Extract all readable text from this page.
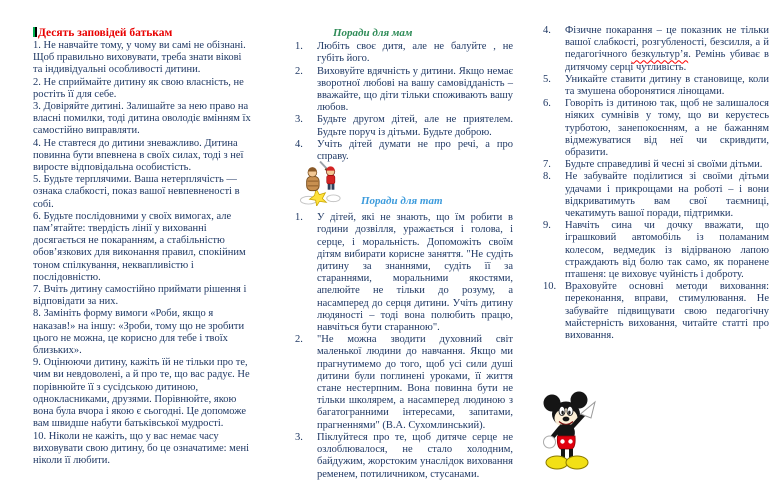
Десять заповідей батькам

1. Не навчайте тому, у чому ви самі не обізнані. Щоб правильно виховувати, треба знати вікові та індивідуальні особливості дитини.

2. Не сприймайте дитину як свою власність, не ростіть її для себе.

3. Довіряйте дитині. Залишайте за нею право на власні помилки, тоді дитина оволодіє вмінням їх самостійно виправляти.

4. Не ставтеся до дитини зневажливо. Дитина повинна бути впевнена в своїх силах, тоді з неї виросте відповідальна особистість.

5. Будьте терплячими. Ваша нетерплячість — ознака слабкості, показ вашої невпевненості в собі.

6. Будьте послідовними у своїх вимогах, але пам’ятайте: твердість лінії у вихованні досягається не покаранням, а стабільністю обов’язкових для виконання правил, спокійним тоном спілкування, неквапливістю і послідовністю.

7. Вчіть дитину самостійно приймати рішення і відповідати за них.

8. Замініть форму вимоги «Роби, якщо я наказав!» на іншу: «Зроби, тому що не зробити цього не можна, це корисно для тебе і твоїх близьких».

9. Оцінюючи дитину, кажіть їй не тільки про те, чим ви невдоволені, а й про те, що вас радує. Не порівнюйте її з сусідською дитиною, однокласниками, друзями. Порівнюйте, якою вона була вчора і якою є сьогодні. Це допоможе вам швидше набути батьківської мудрості.

10. Ніколи не кажіть, що у вас немає часу виховувати свою дитину, бо це означатиме: мені ніколи її любити.

Поради для мам
1.	Любіть своє дитя, але не балуйте , не губіть його.
2.	Виховуйте вдячність у дитини. Якщо немає зворотної любові на вашу самовідданість – вважайте, що діти тільки споживають вашу любов.
3.	Будьте другом дітей, але не приятелем. Будьте поруч із дітьми. Будьте доброю.
4.	Учіть дітей думати не про речі, а про справу.
Поради для тат
1.	У дітей, які не знають, що їм робити в години дозвілля, уражається і голова, і серце, і моральність. Допоможіть своїм дітям вибирати корисне заняття. "Не судіть дитину за знаннями, судіть її за стараннями, моральними якостями, апелюйте не тільки до розуму, а насамперед до серця дитини. Учіть дитину людяності – тоді вона полюбить працю, навчіться бути старанною".
2.	"Не можна зводити духовний світ маленької людини до навчання. Якщо ми прагнутимемо до того, щоб усі сили душі дитини були поглинені уроками, її життя стане нестерпним. Вона повинна бути не тільки школярем, а насамперед людиною з багатогранними інтересами, запитами, прагненнями" (В.А. Сухомлинський).
3.	Піклуйтеся про те, щоб дитяче серце не озлоблювалося, не стало холодним, байдужим, жорстоким унаслідок виховання ременем, потиличником, стусанами.
4.	Фізичне покарання – це показник не тільки вашої слабкості, розгубленості, безсилля, а й педагогічного безкультур’я. Ремінь убиває в дитячому серці чутливість.
5.	Уникайте ставити дитину в становище, коли та змушена оборонятися лінощами.
6.	Говоріть із дитиною так, щоб не залишалося ніяких сумнівів у тому, що ви керуєтесь турботою, занепокоєнням, а не бажанням відмежуватися від неї чи скривдити, образити.
7.	Будьте справедливі й чесні зі своїми дітьми.
8.	Не забувайте поділитися зі своїми дітьми удачами і прикрощами на роботі – і вони відкриватимуть вам свої таємниці, чекатимуть вашої поради, підтримки.
9.	Навчіть сина чи дочку вважати, що іграшковий автомобіль із поламаним колесом, ведмедик із відірваною лапою страждають від болю так само, як поранене пташеня: це виховує чуйність і доброту.
10. Враховуйте основні методи виховання: переконання, вправи, стимулювання. Не забувайте підвищувати свою педагогічну майстерність виховання, читайте статті про виховання.
